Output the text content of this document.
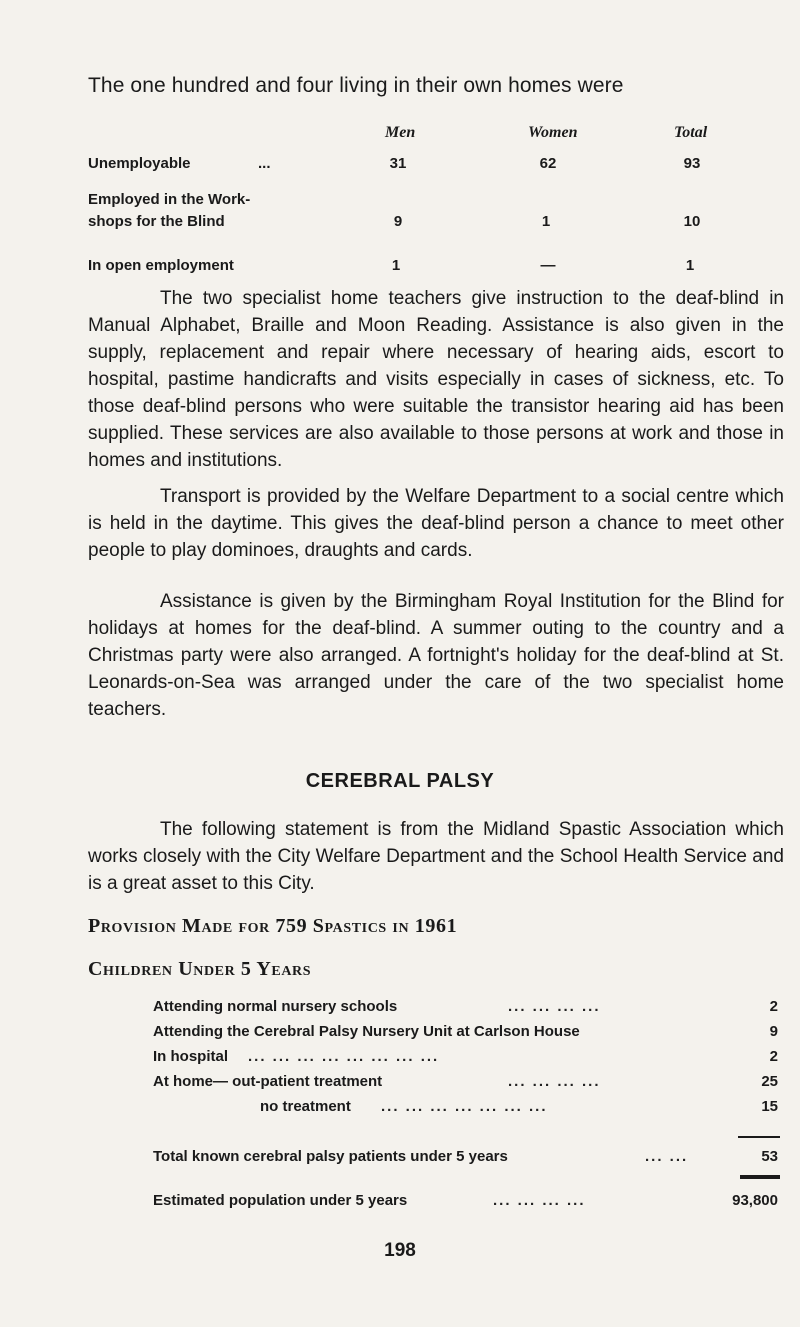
The one hundred and four living in their own homes were
Men	Women	Total
Unemployable	...	31	62	93
Employed in the Work-
shops for the Blind	9	1	10
In open employment	1	—	1

The two specialist home teachers give instruction to the deaf-blind in Manual Alphabet, Braille and Moon Reading. Assistance is also given in the supply, replacement and repair where necessary of hearing aids, escort to hospital, pastime handicrafts and visits especially in cases of sickness, etc. To those deaf-blind persons who were suitable the transistor hearing aid has been supplied. These services are also available to those persons at work and those in homes and institutions.

Transport is provided by the Welfare Department to a social centre which is held in the daytime. This gives the deaf-blind person a chance to meet other people to play dominoes, draughts and cards.

Assistance is given by the Birmingham Royal Institution for the Blind for holidays at homes for the deaf-blind. A summer outing to the country and a Christmas party were also arranged. A fortnight's holiday for the deaf-blind at St. Leonards-on-Sea was arranged under the care of the two specialist home teachers.

CEREBRAL PALSY

The following statement is from the Midland Spastic Association which works closely with the City Welfare Department and the School Health Service and is a great asset to this City.

Provision Made for 759 Spastics in 1961
Children Under 5 Years
Attending normal nursery schools	... ... ... ...	2
Attending the Cerebral Palsy Nursery Unit at Carlson House	9
In hospital ... ... ... ... ... ... ... ...	2
At home— out-patient treatment	... ... ... ...	25
no treatment ... ... ... ... ... ... ...	15
Total known cerebral palsy patients under 5 years	... ...	53
Estimated population under 5 years	... ... ... ...	93,800
198
